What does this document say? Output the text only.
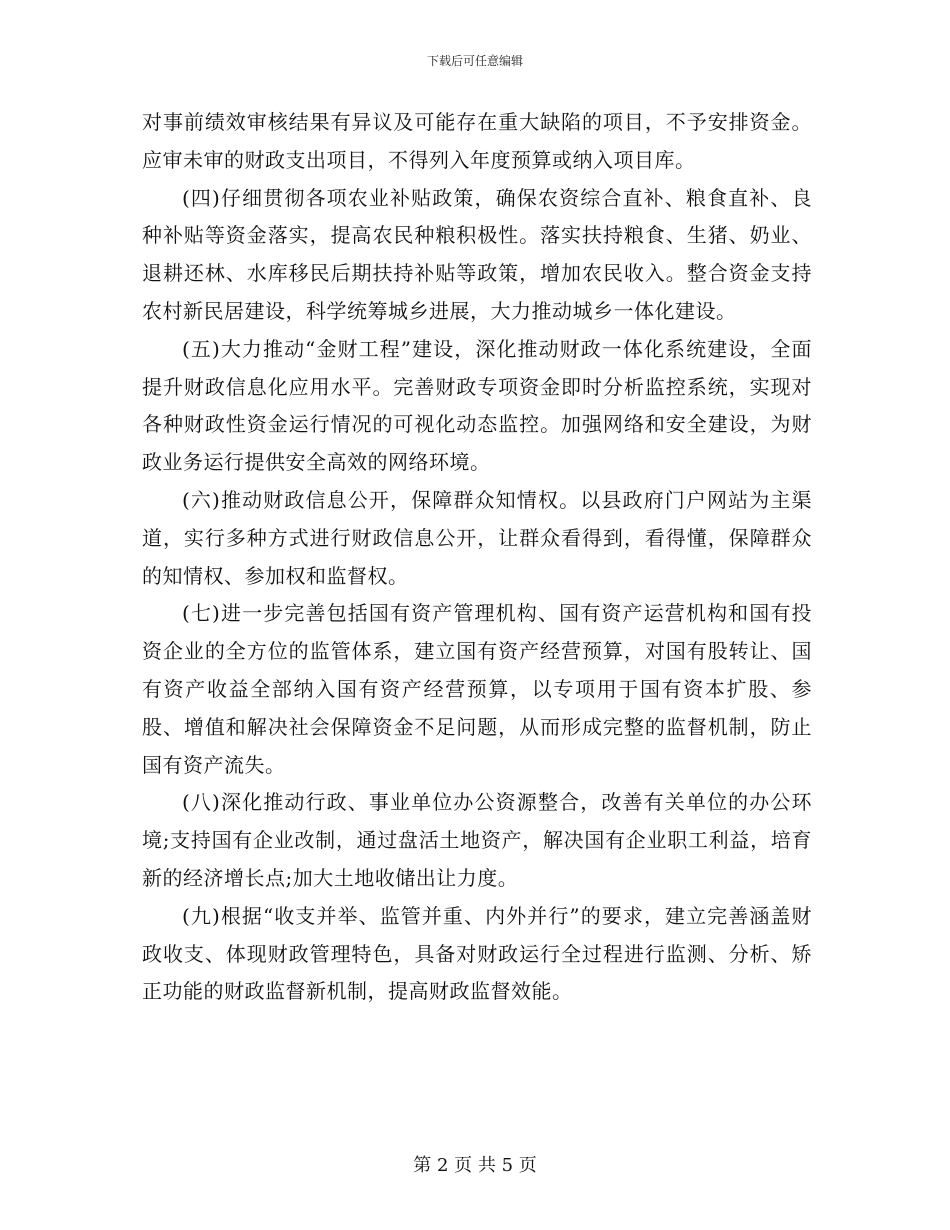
下载后可任意编辑

对事前绩效审核结果有异议及可能存在重大缺陷的项目，不予安排资金。应审未审的财政支出项目，不得列入年度预算或纳入项目库。

(四)仔细贯彻各项农业补贴政策，确保农资综合直补、粮食直补、良种补贴等资金落实，提高农民种粮积极性。落实扶持粮食、生猪、奶业、退耕还林、水库移民后期扶持补贴等政策，增加农民收入。整合资金支持农村新民居建设，科学统筹城乡进展，大力推动城乡一体化建设。

(五)大力推动“金财工程”建设，深化推动财政一体化系统建设，全面提升财政信息化应用水平。完善财政专项资金即时分析监控系统，实现对各种财政性资金运行情况的可视化动态监控。加强网络和安全建设，为财政业务运行提供安全高效的网络环境。

(六)推动财政信息公开，保障群众知情权。以县政府门户网站为主渠道，实行多种方式进行财政信息公开，让群众看得到，看得懂，保障群众的知情权、参加权和监督权。

(七)进一步完善包括国有资产管理机构、国有资产运营机构和国有投资企业的全方位的监管体系，建立国有资产经营预算，对国有股转让、国有资产收益全部纳入国有资产经营预算，以专项用于国有资本扩股、参股、增值和解决社会保障资金不足问题，从而形成完整的监督机制，防止国有资产流失。

(八)深化推动行政、事业单位办公资源整合，改善有关单位的办公环境;支持国有企业改制，通过盘活土地资产，解决国有企业职工利益，培育新的经济增长点;加大土地收储出让力度。

(九)根据“收支并举、监管并重、内外并行”的要求，建立完善涵盖财政收支、体现财政管理特色，具备对财政运行全过程进行监测、分析、矫正功能的财政监督新机制，提高财政监督效能。

第 2 页 共 5 页
